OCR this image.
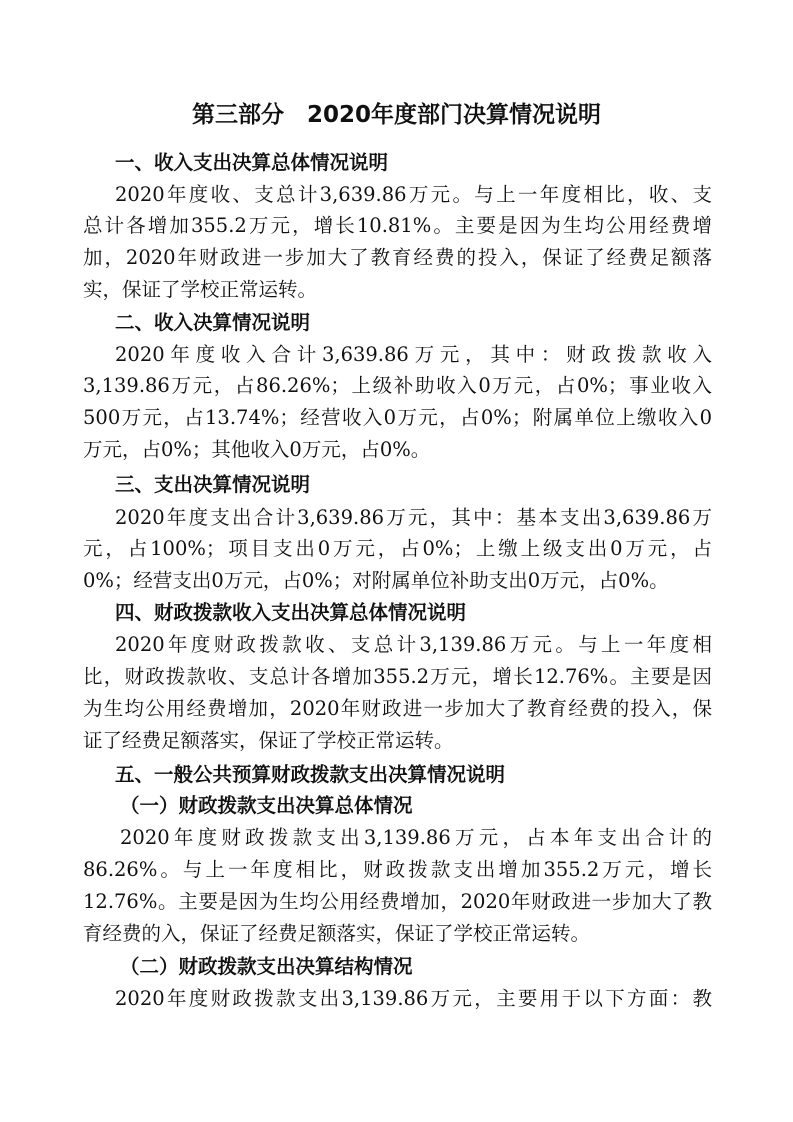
第三部分　2020年度部门决算情况说明
一、收入支出决算总体情况说明
2020年度收、支总计3,639.86万元。与上一年度相比，收、支
总计各增加355.2万元，增长10.81%。主要是因为生均公用经费增
加，2020年财政进一步加大了教育经费的投入，保证了经费足额落
实，保证了学校正常运转。
二、收入决算情况说明
2020年度收入合计3,639.86万元，其中：财政拨款收入
3,139.86万元，占86.26%；上级补助收入0万元，占0%；事业收入
500万元，占13.74%；经营收入0万元，占0%；附属单位上缴收入0
万元，占0%；其他收入0万元，占0%。
三、支出决算情况说明
2020年度支出合计3,639.86万元，其中：基本支出3,639.86万
元，占100%；项目支出0万元，占0%；上缴上级支出0万元，占
0%；经营支出0万元，占0%；对附属单位补助支出0万元，占0%。
四、财政拨款收入支出决算总体情况说明
2020年度财政拨款收、支总计3,139.86万元。与上一年度相
比，财政拨款收、支总计各增加355.2万元，增长12.76%。主要是因
为生均公用经费增加，2020年财政进一步加大了教育经费的投入，保
证了经费足额落实，保证了学校正常运转。
五、一般公共预算财政拨款支出决算情况说明
（一）财政拨款支出决算总体情况
2020年度财政拨款支出3,139.86万元，占本年支出合计的
86.26%。与上一年度相比，财政拨款支出增加355.2万元，增长
12.76%。主要是因为生均公用经费增加，2020年财政进一步加大了教
育经费的入，保证了经费足额落实，保证了学校正常运转。
（二）财政拨款支出决算结构情况
2020年度财政拨款支出3,139.86万元，主要用于以下方面：教
